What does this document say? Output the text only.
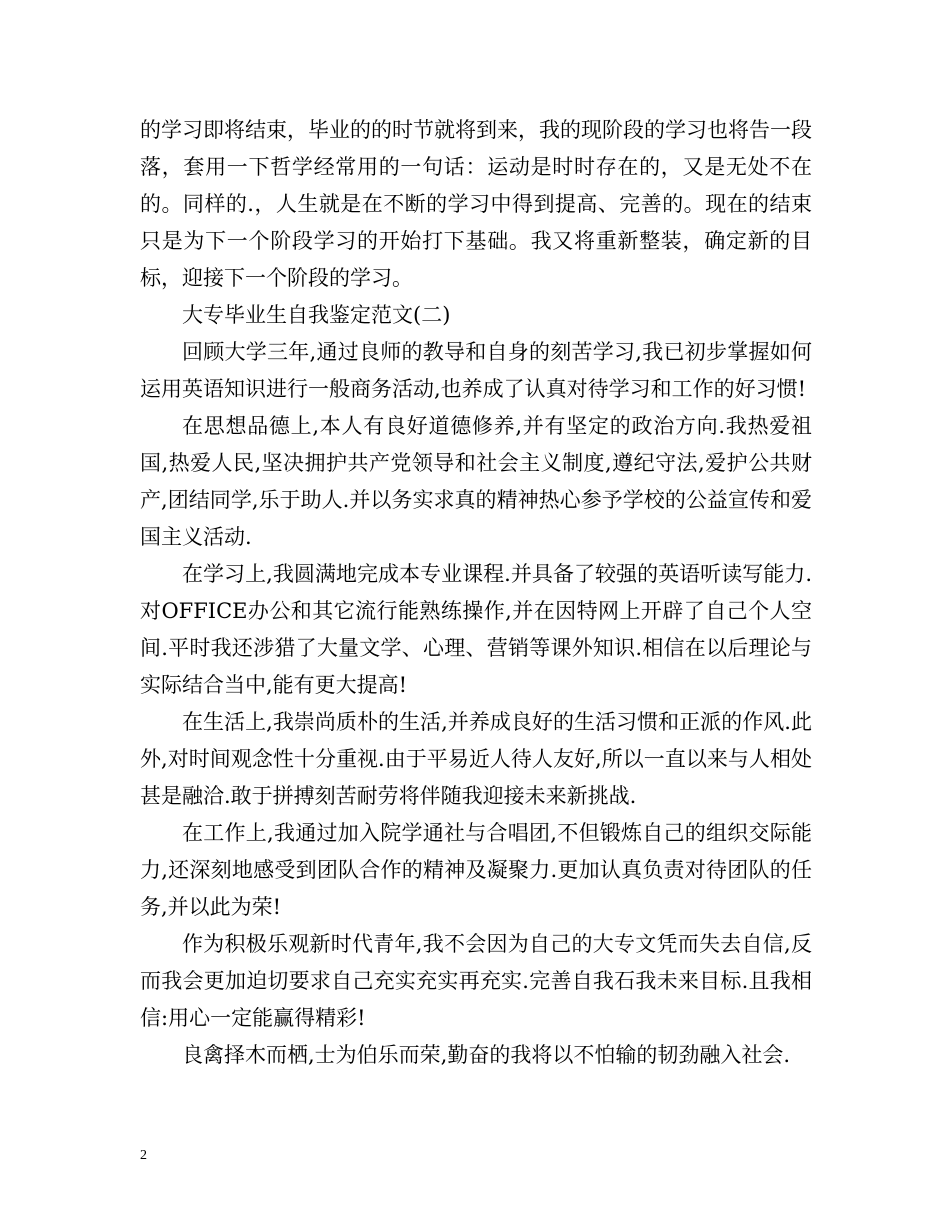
的学习即将结束，毕业的的时节就将到来，我的现阶段的学习也将告一段落，套用一下哲学经常用的一句话：运动是时时存在的，又是无处不在的。同样的.，人生就是在不断的学习中得到提高、完善的。现在的结束只是为下一个阶段学习的开始打下基础。我又将重新整装，确定新的目标，迎接下一个阶段的学习。

大专毕业生自我鉴定范文(二)

回顾大学三年,通过良师的教导和自身的刻苦学习,我已初步掌握如何运用英语知识进行一般商务活动,也养成了认真对待学习和工作的好习惯!

在思想品德上,本人有良好道德修养,并有坚定的政治方向.我热爱祖国,热爱人民,坚决拥护共产党领导和社会主义制度,遵纪守法,爱护公共财产,团结同学,乐于助人.并以务实求真的精神热心参予学校的公益宣传和爱国主义活动.

在学习上,我圆满地完成本专业课程.并具备了较强的英语听读写能力.对OFFICE办公和其它流行能熟练操作,并在因特网上开辟了自己个人空间.平时我还涉猎了大量文学、心理、营销等课外知识.相信在以后理论与实际结合当中,能有更大提高!

在生活上,我崇尚质朴的生活,并养成良好的生活习惯和正派的作风.此外,对时间观念性十分重视.由于平易近人待人友好,所以一直以来与人相处甚是融洽.敢于拼搏刻苦耐劳将伴随我迎接未来新挑战.

在工作上,我通过加入院学通社与合唱团,不但锻炼自己的组织交际能力,还深刻地感受到团队合作的精神及凝聚力.更加认真负责对待团队的任务,并以此为荣!

作为积极乐观新时代青年,我不会因为自己的大专文凭而失去自信,反而我会更加迫切要求自己充实充实再充实.完善自我石我未来目标.且我相信:用心一定能赢得精彩!

良禽择木而栖,士为伯乐而荣,勤奋的我将以不怕输的韧劲融入社会.

2
